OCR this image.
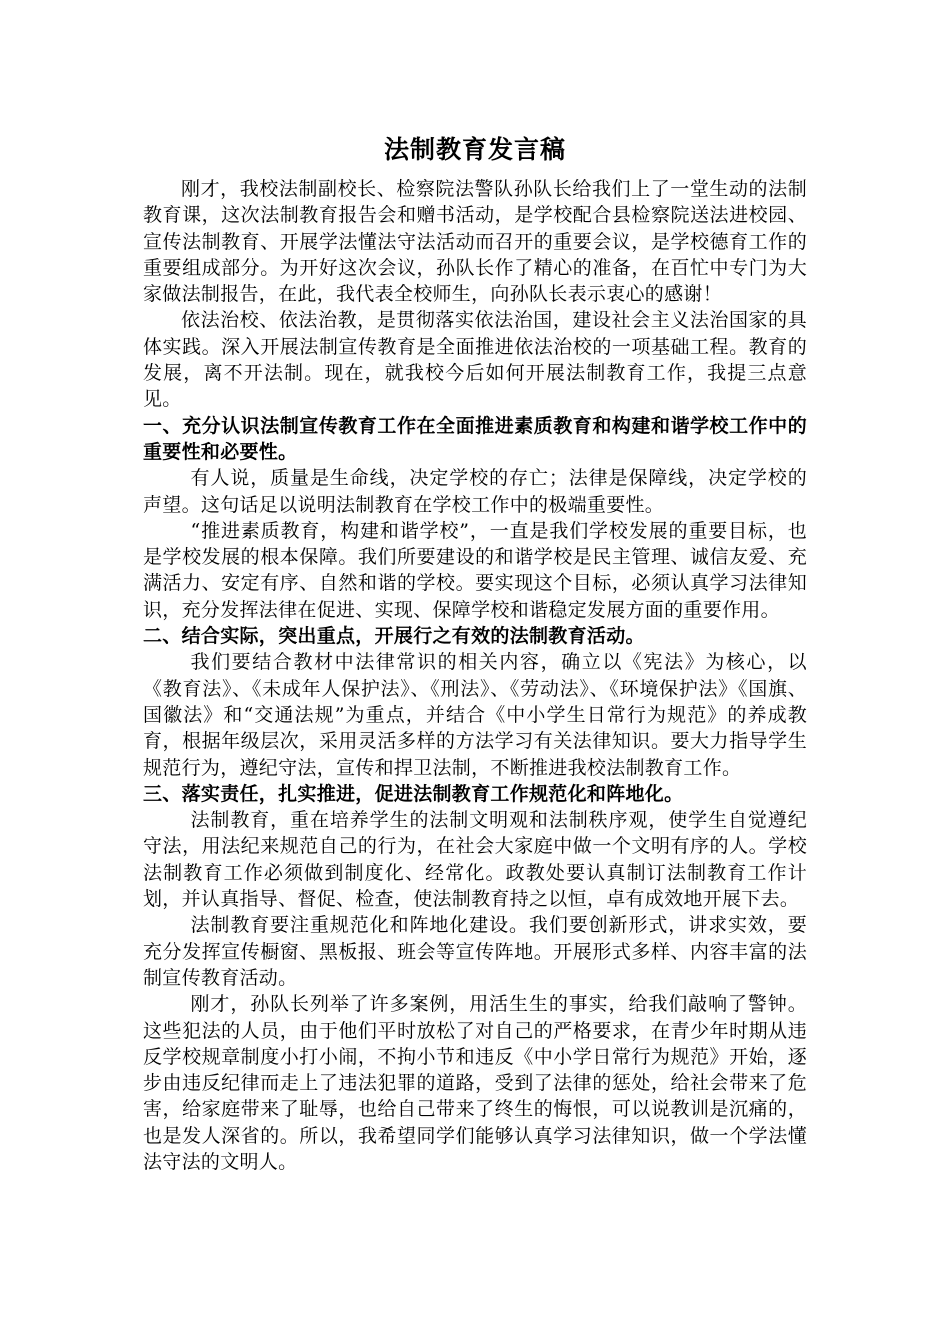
法制教育发言稿

刚才，我校法制副校长、检察院法警队孙队长给我们上了一堂生动的法制教育课，这次法制教育报告会和赠书活动，是学校配合县检察院送法进校园、宣传法制教育、开展学法懂法守法活动而召开的重要会议，是学校德育工作的重要组成部分。为开好这次会议，孙队长作了精心的准备，在百忙中专门为大家做法制报告，在此，我代表全校师生，向孙队长表示衷心的感谢！

依法治校、依法治教，是贯彻落实依法治国，建设社会主义法治国家的具体实践。深入开展法制宣传教育是全面推进依法治校的一项基础工程。教育的发展，离不开法制。现在，就我校今后如何开展法制教育工作，我提三点意见。

一、充分认识法制宣传教育工作在全面推进素质教育和构建和谐学校工作中的重要性和必要性。

有人说，质量是生命线，决定学校的存亡；法律是保障线，决定学校的声望。这句话足以说明法制教育在学校工作中的极端重要性。

“推进素质教育，构建和谐学校”，一直是我们学校发展的重要目标，也是学校发展的根本保障。我们所要建设的和谐学校是民主管理、诚信友爱、充满活力、安定有序、自然和谐的学校。要实现这个目标，必须认真学习法律知识，充分发挥法律在促进、实现、保障学校和谐稳定发展方面的重要作用。

二、结合实际，突出重点，开展行之有效的法制教育活动。

我们要结合教材中法律常识的相关内容，确立以《宪法》为核心，以《教育法》、《未成年人保护法》、《刑法》、《劳动法》、《环境保护法》《国旗、国徽法》和“交通法规”为重点，并结合《中小学生日常行为规范》的养成教育，根据年级层次，采用灵活多样的方法学习有关法律知识。要大力指导学生规范行为，遵纪守法，宣传和捍卫法制，不断推进我校法制教育工作。

三、落实责任，扎实推进，促进法制教育工作规范化和阵地化。

法制教育，重在培养学生的法制文明观和法制秩序观，使学生自觉遵纪守法，用法纪来规范自己的行为，在社会大家庭中做一个文明有序的人。学校法制教育工作必须做到制度化、经常化。政教处要认真制订法制教育工作计划，并认真指导、督促、检查，使法制教育持之以恒，卓有成效地开展下去。

法制教育要注重规范化和阵地化建设。我们要创新形式，讲求实效，要充分发挥宣传橱窗、黑板报、班会等宣传阵地。开展形式多样、内容丰富的法制宣传教育活动。

刚才，孙队长列举了许多案例，用活生生的事实，给我们敲响了警钟。这些犯法的人员，由于他们平时放松了对自己的严格要求，在青少年时期从违反学校规章制度小打小闹，不拘小节和违反《中小学日常行为规范》开始，逐步由违反纪律而走上了违法犯罪的道路，受到了法律的惩处，给社会带来了危害，给家庭带来了耻辱，也给自己带来了终生的悔恨，可以说教训是沉痛的，也是发人深省的。所以，我希望同学们能够认真学习法律知识，做一个学法懂法守法的文明人。
